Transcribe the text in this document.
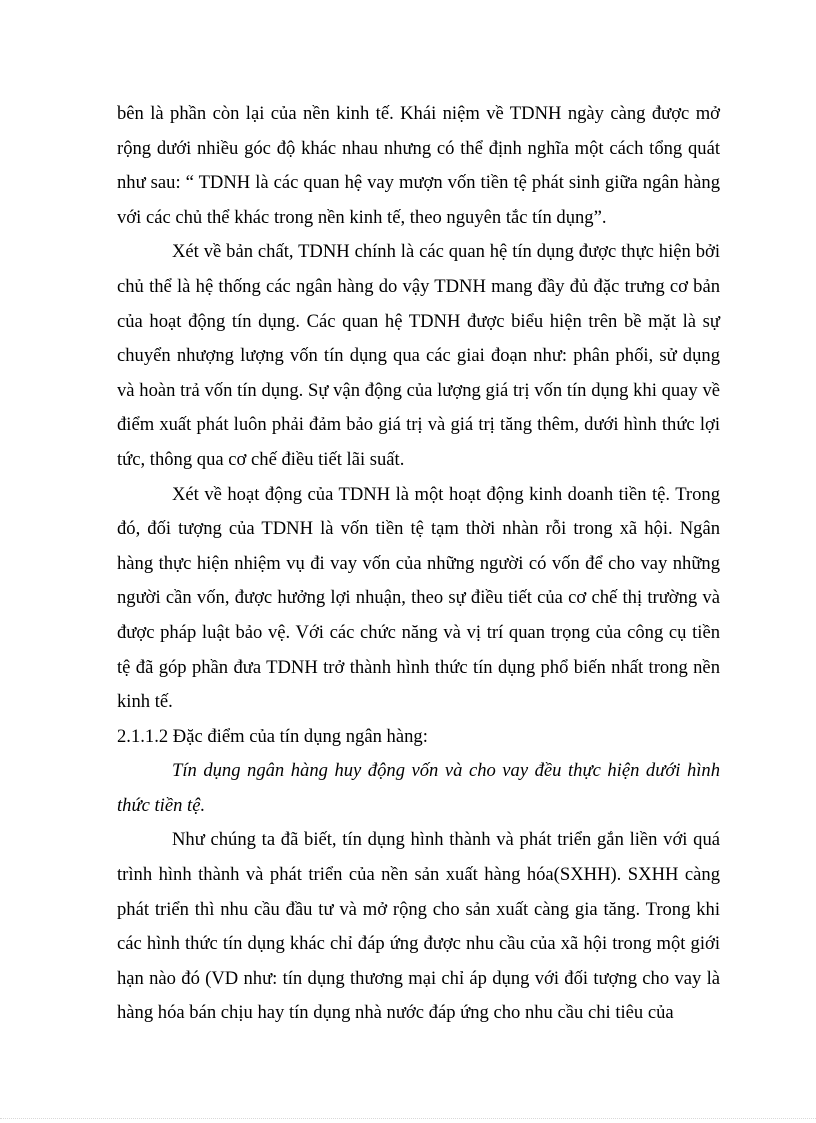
bên là phần còn lại của nền kinh tế. Khái niệm về TDNH ngày càng được mở rộng dưới nhiều góc độ khác nhau nhưng có thể định nghĩa một cách tổng quát như sau: “ TDNH là các quan hệ vay mượn vốn tiền tệ phát sinh giữa ngân hàng với các chủ thể khác trong nền kinh tế, theo nguyên tắc tín dụng”.

Xét về bản chất, TDNH chính là các quan hệ tín dụng được thực hiện bởi chủ thể là hệ thống các ngân hàng do vậy TDNH mang đầy đủ đặc trưng cơ bản của hoạt động tín dụng. Các quan hệ TDNH được biểu hiện trên bề mặt là sự chuyển nhượng lượng vốn tín dụng qua các giai đoạn như: phân phối, sử dụng và hoàn trả vốn tín dụng. Sự vận động của lượng giá trị vốn tín dụng khi quay về điểm xuất phát luôn phải đảm bảo giá trị và giá trị tăng thêm, dưới hình thức lợi tức, thông qua cơ chế điều tiết lãi suất.

Xét về hoạt động của TDNH là một hoạt động kinh doanh tiền tệ. Trong đó, đối tượng của TDNH là vốn tiền tệ tạm thời nhàn rỗi trong xã hội. Ngân hàng thực hiện nhiệm vụ đi vay vốn của những người có vốn để cho vay những người cần vốn, được hưởng lợi nhuận, theo sự điều tiết của cơ chế thị trường và được pháp luật bảo vệ. Với các chức năng và vị trí quan trọng của công cụ tiền tệ đã góp phần đưa TDNH trở thành hình thức tín dụng phổ biến nhất trong nền kinh tế.

2.1.1.2 Đặc điểm của tín dụng ngân hàng:

Tín dụng ngân hàng huy động vốn và cho vay đều thực hiện dưới hình thức tiền tệ.

Như chúng ta đã biết, tín dụng hình thành và phát triển gắn liền với quá trình hình thành và phát triển của nền sản xuất hàng hóa(SXHH). SXHH càng phát triển thì nhu cầu đầu tư và mở rộng cho sản xuất càng gia tăng. Trong khi các hình thức tín dụng khác chỉ đáp ứng được nhu cầu của xã hội trong một giới hạn nào đó (VD như: tín dụng thương mại chỉ áp dụng với đối tượng cho vay là hàng hóa bán chịu hay tín dụng nhà nước đáp ứng cho nhu cầu chi tiêu của
